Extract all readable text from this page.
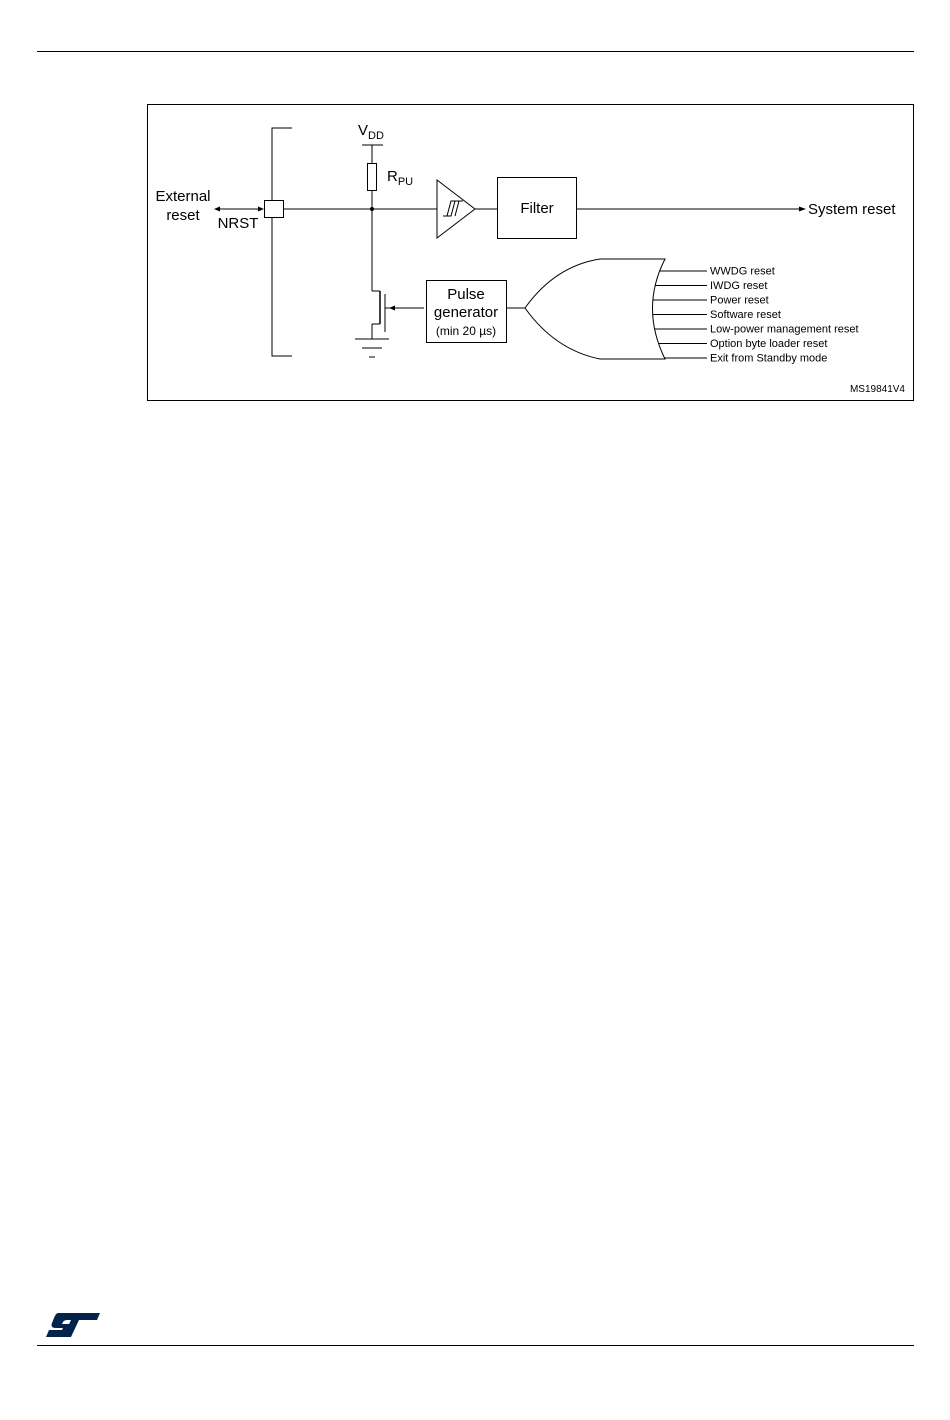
External
reset NRST
$V_{DD}$
$R_{PU}$
Filter	System reset
Pulse
generator
(min 20 µs)
WWDG reset
IWDG reset
Power reset
Software reset
Low-power management reset
Option byte loader reset
Exit from Standby mode
MS19841V4
